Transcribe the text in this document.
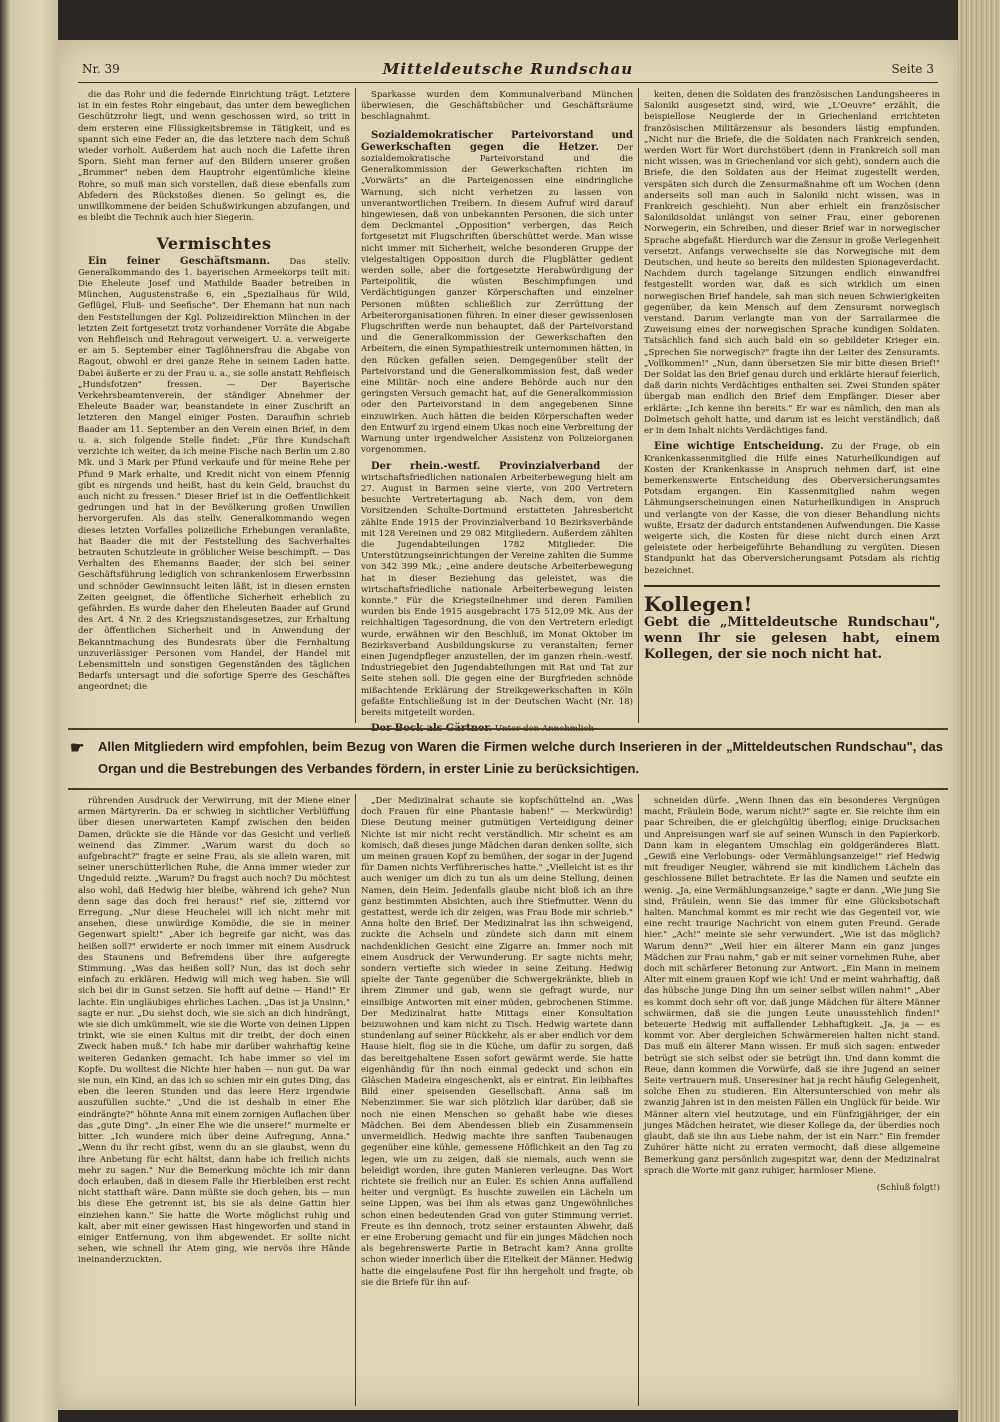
Nr. 39	Mitteldeutsche Rundschau	Seite 3

die das Rohr und die federnde Einrichtung trägt. Letztere ist in ein festes Rohr eingebaut, das unter dem beweglichen Geschützrohr liegt, und wenn geschossen wird, so tritt in dem ersteren eine Flüssigkeitsbremse in Tätigkeit, und es spannt sich eine Feder an, die das letztere nach dem Schuß wieder vorholt. Außerdem hat auch noch die Lafette ihren Sporn. Sieht man ferner auf den Bildern unserer großen „Brummer" neben dem Hauptrohr eigentümliche kleine Rohre, so muß man sich vorstellen, daß diese ebenfalls zum Abfedern des Rückstoßes dienen. So gelingt es, die unwillkommene der beiden Schußwirkungen abzufangen, und es bleibt die Technik auch hier Siegerin.

Vermischtes

Ein feiner Geschäftsmann. Das stellv. Generalkommando des 1. bayerischen Armeekorps teilt mit: Die Eheleute Josef und Mathilde Baader betreiben in München, Augustenstraße 6, ein „Spezialhaus für Wild, Geflügel, Fluß- und Seefische". Der Ehemann hat nun nach den Feststellungen der Kgl. Polizeidirektion München in der letzten Zeit fortgesetzt trotz vorhandener Vorräte die Abgabe von Rehfleisch und Rehragout verweigert. U. a. verweigerte er am 5. September einer Taglöhnersfrau die Abgabe von Ragout, obwohl er drei ganze Rehe in seinem Laden hatte. Dabei äußerte er zu der Frau u. a., sie solle anstatt Rehfleisch „Hundsfotzen" fressen. — Der Bayerische Verkehrsbeamtenverein, der ständiger Abnehmer der Eheleute Baader war, beanstandete in einer Zuschrift an letzteren den Mangel einiger Posten. Daraufhin schrieb Baader am 11. September an den Verein einen Brief, in dem u. a. sich folgende Stelle findet: „Für Ihre Kundschaft verzichte ich weiter, da ich meine Fische nach Berlin um 2.80 Mk. und 3 Mark per Pfund verkaufe und für meine Rehe per Pfund 9 Mark erhalte, und Kredit nicht von einem Pfennig gibt es nirgends und heißt, hast du kein Geld, brauchst du auch nicht zu fressen." Dieser Brief ist in die Oeffentlichkeit gedrungen und hat in der Bevölkerung großen Unwillen hervorgerufen. Als das stellv. Generalkommando wegen dieses letzten Vorfalles polizeiliche Erhebungen veranlaßte, hat Baader die mit der Feststellung des Sachverhaltes betrauten Schutzleute in gröblicher Weise beschimpft. — Das Verhalten des Ehemanns Baader, der sich bei seiner Geschäftsführung lediglich von schrankenlosem Erwerbssinn und schnöder Gewinnsucht leiten läßt, ist in diesen ernsten Zeiten geeignet, die öffentliche Sicherheit erheblich zu gefährden. Es wurde daher den Eheleuten Baader auf Grund des Art. 4 Nr. 2 des Kriegszustandsgesetzes, zur Erhaltung der öffentlichen Sicherheit und in Anwendung der Bekanntmachung des Bundesrats über die Fernhaltung unzuverlässiger Personen vom Handel, der Handel mit Lebensmitteln und sonstigen Gegenständen des täglichen Bedarfs untersagt und die sofortige Sperre des Geschäftes angeordnet; die

Sparkasse wurden dem Kommunalverband München überwiesen, die Geschäftsbücher und Geschäftsräume beschlagnahmt.

Sozialdemokratischer Parteivorstand und Gewerkschaften gegen die Hetzer. Der sozialdemokratische Parteivorstand und die Generalkommission der Gewerkschaften richten im „Vorwärts" an die Parteigenossen eine eindringliche Warnung, sich nicht verhetzen zu lassen von unverantwortlichen Treibern. In diesem Aufruf wird darauf hingewiesen, daß von unbekannten Personen, die sich unter dem Deckmantel „Opposition" verbergen, das Reich fortgesetzt mit Flugschriften überschüttet werde. Man wisse nicht immer mit Sicherheit, welche besonderen Gruppe der vielgestaltigen Opposition durch die Flugblätter gedient werden solle, aber die fortgesetzte Herabwürdigung der Parteipolitik, die wüsten Beschimpfungen und Verdächtigungen ganzer Körperschaften und einzelner Personen müßten schließlich zur Zerrüttung der Arbeiterorganisationen führen. In einer dieser gewissenlosen Flugschriften werde nun behauptet, daß der Parteivorstand und die Generalkommission der Gewerkschaften den Arbeitern, die einen Sympathiestreik unternommen hätten, in den Rücken gefallen seien. Demgegenüber stellt der Parteivorstand und die Generalkommission fest, daß weder eine Militär- noch eine andere Behörde auch nur den geringsten Versuch gemacht hat, auf die Generalkommission oder den Parteivorstand in dem angegebenen Sinne einzuwirken. Auch hätten die beiden Körperschaften weder den Entwurf zu irgend einem Ukas noch eine Verbreitung der Warnung unter irgendwelcher Assistenz von Polizeiorganen vorgenommen.

Der rhein.-westf. Provinzialverband der wirtschaftsfriedlichen nationalen Arbeiterbewegung hielt am 27. August in Barmen seine vierte, von 200 Vertretern besuchte Vertretertagung ab. Nach dem, von dem Vorsitzenden Schulte-Dortmund erstatteten Jahresbericht zählte Ende 1915 der Provinzialverband 10 Bezirksverbände mit 128 Vereinen und 29 082 Mitgliedern. Außerdem zählten die Jugendabteilungen 1782 Mitglieder. Die Unterstützungseinrichtungen der Vereine zahlten die Summe von 342 399 Mk.; „eine andere deutsche Arbeiterbewegung hat in dieser Beziehung das geleistet, was die wirtschaftsfriedliche nationale Arbeiterbewegung leisten konnte." Für die Kriegsteilnehmer und deren Familien wurden bis Ende 1915 ausgebracht 175 512,09 Mk. Aus der reichhaltigen Tagesordnung, die von den Vertretern erledigt wurde, erwähnen wir den Beschluß, im Monat Oktober im Bezirksverband Ausbildungskurse zu veranstalten; ferner einen Jugendpfleger anzustellen, der im ganzen rhein.-westf. Industriegebiet den Jugendabteilungen mit Rat und Tat zur Seite stehen soll. Die gegen eine der Burgfrieden schnöde mißachtende Erklärung der Streikgewerkschaften in Köln gefaßte Entschließung ist in der Deutschen Wacht (Nr. 18) bereits mitgeteilt worden.

keiten, denen die Soldaten des französischen Landungsheeres in Saloniki ausgesetzt sind, wird, wie „L'Oeuvre" erzählt, die beispiellose Neugierde der in Griechenland errichteten französischen Militärzensur als besonders lästig empfunden. „Nicht nur die Briefe, die die Soldaten nach Frankreich senden, werden Wort für Wort durchstöbert (denn in Frankreich soll man nicht wissen, was in Griechenland vor sich geht), sondern auch die Briefe, die den Soldaten aus der Heimat zugestellt werden, verspäten sich durch die Zensurmaßnahme oft um Wochen (denn anderseits soll man auch in Saloniki nicht wissen, was in Frankreich geschieht). Nun aber erhielt ein französischer Salonikisoldat unlängst von seiner Frau, einer geborenen Norwegerin, ein Schreiben, und dieser Brief war in norwegischer Sprache abgefaßt. Hierdurch war die Zensur in große Verlegenheit versetzt. Anfangs verwechselte sie das Norwegische mit dem Deutschen, und heute so bereits den mildesten Spionageverdacht. Nachdem durch tagelange Sitzungen endlich einwandfrei festgestellt worden war, daß es sich wirklich um einen norwegischen Brief handele, sah man sich neuen Schwierigkeiten gegenüber, da kein Mensch auf dem Zensuramt norwegisch verstand. Darum verlangte man von der Sarrailarmee die Zuweisung eines der norwegischen Sprache kundigen Soldaten. Tatsächlich fand sich auch bald ein so gebildeter Krieger ein. „Sprechen Sie norwegisch?" fragte ihn der Leiter des Zensuramts. „Vollkommen!" „Nun, dann übersetzen Sie mir bitte diesen Brief!" Der Soldat las den Brief genau durch und erklärte hierauf feierlich, daß darin nichts Verdächtiges enthalten sei. Zwei Stunden später übergab man endlich den Brief dem Empfänger. Dieser aber erklärte: „Ich kenne ihn bereits." Er war es nämlich, den man als Dolmetsch geholt hatte, und darum ist es leicht verständlich, daß er in dem Inhalt nichts Verdächtiges fand.

Eine wichtige Entscheidung. Zu der Frage, ob ein Krankenkassenmitglied die Hilfe eines Naturheilkundigen auf Kosten der Krankenkasse in Anspruch nehmen darf, ist eine bemerkenswerte Entscheidung des Oberversicherungsamtes Potsdam ergangen. Ein Kassenmitglied nahm wegen Lähmungserscheinungen einen Naturheilkundigen in Anspruch und verlangte von der Kasse, die von dieser Behandlung nichts wußte, Ersatz der dadurch entstandenen Aufwendungen. Die Kasse weigerte sich, die Kosten für diese nicht durch einen Arzt geleistete oder herbeigeführte Behandlung zu vergüten. Diesen Standpunkt hat das Oberversicherungsamt Potsdam als richtig bezeichnet.

Kollegen!
Gebt die „Mitteldeutsche Rundschau", wenn Ihr sie gelesen habt, einem Kollegen, der sie noch nicht hat.
☛ Allen Mitgliedern wird empfohlen, beim Bezug von Waren die Firmen welche durch Inserieren in der „Mitteldeutschen Rundschau", das Organ und die Bestrebungen des Verbandes fördern, in erster Linie zu berücksichtigen.

rührenden Ausdruck der Verwirrung, mit der Miene einer armen Märtyrerin. Da er schwieg in sichtlicher Verblüffung über diesen unerwarteten Kampf zwischen den beiden Damen, drückte sie die Hände vor das Gesicht und verließ weinend das Zimmer. „Warum warst du doch so aufgebracht?" fragte er seine Frau, als sie allein waren, mit seiner unerschütterlichen Ruhe, die Anna immer wieder zur Ungeduld reizte. „Warum? Du fragst auch noch? Du möchtest also wohl, daß Hedwig hier bleibe, während ich gehe? Nun denn sage das doch frei heraus!" rief sie, zitternd vor Erregung. „Nur diese Heuchelei will ich nicht mehr mit ansehen, diese unwürdige Komödie, die sie in meiner Gegenwart spielt!" „Aber ich begreife gar nicht, was das heißen soll?" erwiderte er noch immer mit einem Ausdruck des Staunens und Befremdens über ihre aufgeregte Stimmung. „Was das heißen soll? Nun, das ist doch sehr einfach zu erklären. Hedwig will mich weg haben. Sie will sich bei dir in Gunst setzen. Sie hofft auf deine — Hand!" Er lachte. Ein ungläubiges ehrliches Lachen. „Das ist ja Unsinn," sagte er nur. „Du siehst doch, wie sie sich an dich hindrängt, wie sie dich umkümmelt, wie sie die Worte von deinen Lippen trinkt, wie sie einen Kultus mit dir treibt, der doch einen Zweck haben muß." Ich habe mir darüber wahrhaftig keine weiteren Gedanken gemacht. Ich habe immer so viel im Kopfe. Du wolltest die Nichte hier haben — nun gut. Da war sie nun, ein Kind, an das ich so schien mir ein gutes Ding, das eben die leeren Stunden und das leere Herz irgendwie auszufüllen suchte." „Und die ist deshalb in einer Ehe eindrängte?" höhnte Anna mit einem zornigen Auflachen über das „gute Ding". „In einer Ehe wie die unsere!" murmelte er bitter. „Ich wundere mich über deine Aufregung, Anna." „Wenn du ihr recht gibst, wenn du an sie glaubst, wenn du ihre Anbetung für echt hältst, dann habe ich freilich nichts mehr zu sagen." Nur die Bemerkung möchte ich mir dann doch erlauben, daß in diesem Falle ihr Hierbleiben erst recht nicht statthaft wäre. Dann müßte sie doch gehen, bis — nun bis diese Ehe getrennt ist, bis sie als deine Gattin hier einziehen kann." Sie hatte die Worte möglichst ruhig und kalt, aber mit einer gewissen Hast hingeworfen und stand in einiger Entfernung, von ihm abgewendet. Er sollte nicht sehen, wie schnell ihr Atem ging, wie nervös ihre Hände ineinanderzuckten.

„Der Medizinalrat schaute sie kopfschüttelnd an. „Was doch Frauen für eine Phantasie haben!" — Merkwürdig! Diese Deutung meiner gutmütigen Verteidigung deiner Nichte ist mir nicht recht verständlich. Mir scheint es am komisch, daß dieses junge Mädchen daran denken sollte, sich um meinen grauen Kopf zu bemühen, der sogar in der Jugend für Damen nichts Verführerisches hatte." „Vielleicht ist es ihr auch weniger um dich zu tun als um deine Stellung, deinen Namen, dein Heim. Jedenfalls glaube nicht bloß ich an ihre ganz bestimmten Absichten, auch ihre Stiefmutter. Wenn du gestattest, werde ich dir zeigen, was Frau Bode mir schrieb." Anna holte den Brief. Der Medizinalrat las ihn schweigend, zuckte die Achseln und zündete sich dann mit einem nachdenklichen Gesicht eine Zigarre an. Immer noch mit einem Ausdruck der Verwunderung. Er sagte nichts mehr, sondern vertiefte sich wieder in seine Zeitung. Hedwig spielte der Tante gegenüber die Schwergekränkte, blieb in ihrem Zimmer und gab, wenn sie gefragt wurde, nur einsilbige Antworten mit einer müden, gebrochenen Stimme. Der Medizinalrat hatte Mittags einer Konsultation beizuwohnen und kam nicht zu Tisch. Hedwig wartete dann stundenlang auf seiner Rückkehr, als er aber endlich vor dem Hause hielt, flog sie in die Küche, um dafür zu sorgen, daß das bereitgehaltene Essen sofort gewärmt werde. Sie hatte eigenhändig für ihn noch einmal gedeckt und schon ein Gläschen Madeira eingeschenkt, als er eintrat. Ein leibhaftes Bild einer speisenden Gesellschaft. Anna saß im Nebenzimmer. Sie war sich plötzlich klar darüber, daß sie noch nie einen Menschen so gehaßt habe wie dieses Mädchen. Bei dem Abendessen blieb ein Zusammensein unvermeidlich. Hedwig machte ihre sanften Taubenaugen gegenüber eine kühle, gemessene Höflichkeit an den Tag zu legen, wie um zu zeigen, daß sie niemals, auch wenn sie beleidigt worden, ihre guten Manieren verleugne. Das Wort richtete sie freilich nur an Euler. Es schien Anna auffallend heiter und vergnügt. Es huschte zuweilen ein Lächeln um seine Lippen, was bei ihm als etwas ganz Ungewöhnliches schon einen bedeutenden Grad von guter Stimmung verriet. Freute es ihn dennoch, trotz seiner erstaunten Abwehr, daß er eine Eroberung gemacht und für ein junges Mädchen noch als begehrenswerte Partie in Betracht kam? Anna grollte schon wieder innerlich über die Eitelkeit der Männer. Hedwig hatte die eingelaufene Post für ihn hergeholt und fragte, ob sie die Briefe für ihn auf-

schneiden dürfe. „Wenn Ihnen das ein besonderes Vergnügen macht, Fräulein Bode, warum nicht?" sagte er. Sie reichte ihm ein paar Schreiben, die er gleichgültig überflog; einige Drucksachen und Anpreisungen warf sie auf seinen Wunsch in den Papierkorb. Dann kam in elegantem Umschlag ein goldgeränderes Blatt. „Gewiß eine Verlobungs- oder Vermählungsanzeige!" rief Hedwig mit freudiger Neugier, während sie mit kindlichem Lächeln das geschlossene Billet betrachtete. Er las die Namen und seufzte ein wenig. „Ja, eine Vermählungsanzeige," sagte er dann. „Wie jung Sie sind, Fräulein, wenn Sie das immer für eine Glücksbotschaft halten. Manchmal kommt es mir recht wie das Gegenteil vor, wie eine recht traurige Nachricht von einem guten Freund. Gerade hier." „Ach!" meinte sie sehr verwundert. „Wie ist das möglich? Warum denn?" „Weil hier ein älterer Mann ein ganz junges Mädchen zur Frau nahm," gab er mit seiner vornehmen Ruhe, aber doch mit schärferer Betonung zur Antwort. „Ein Mann in meinem Alter mit einem grauen Kopf wie ich! Und er meint wahrhaftig, daß das hübsche junge Ding ihn um seiner selbst willen nahm!" „Aber es kommt doch sehr oft vor, daß junge Mädchen für ältere Männer schwärmen, daß sie die jungen Leute unausstehlich finden!" beteuerte Hedwig mit auffallender Lebhaftigkeit. „Ja, ja — es kommt vor. Aber dergleichen Schwärmereien halten nicht stand. Das muß ein älterer Mann wissen. Er muß sich sagen: entweder betrügt sie sich selbst oder sie betrügt ihn. Und dann kommt die Reue, dann kommen die Vorwürfe, daß sie ihre Jugend an seiner Seite vertrauern muß. Unseresiner hat ja recht häufig Gelegenheit, solche Ehen zu studieren. Ein Altersunterschied von mehr als zwanzig Jahren ist in den meisten Fällen ein Unglück für beide. Wir Männer altern viel heutzutage, und ein Fünfzigjähriger, der ein junges Mädchen heiratet, wie dieser Kollege da, der überdies noch glaubt, daß sie ihn aus Liebe nahm, der ist ein Narr." Ein fremder Zuhörer hätte nicht zu erraten vermocht, daß diese allgemeine Bemerkung ganz persönlich zugespitzt war, denn der Medizinalrat sprach die Worte mit ganz ruhiger, harmloser Miene.

(Schluß folgt!)
